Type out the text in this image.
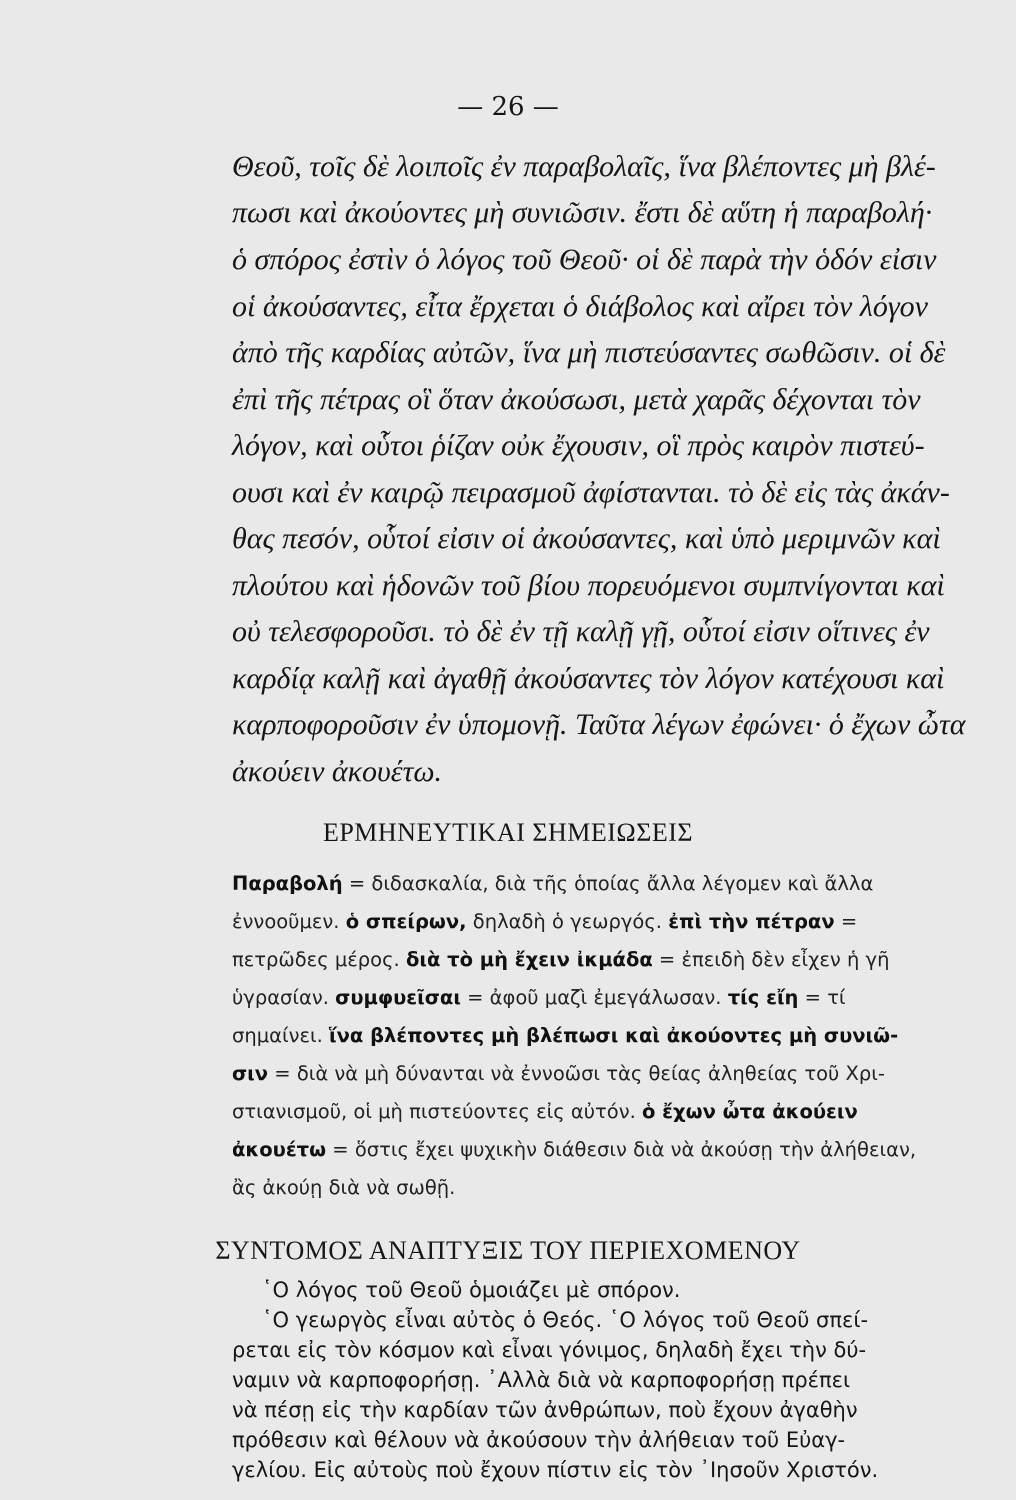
— 26 —

Θεοῦ, τοῖς δὲ λοιποῖς ἐν παραβολαῖς, ἵνα βλέποντες μὴ βλέ-

πωσι καὶ ἀκούοντες μὴ συνιῶσιν. ἔστι δὲ αὕτη ἡ παραβολή·

ὁ σπόρος ἐστὶν ὁ λόγος τοῦ Θεοῦ· οἱ δὲ παρὰ τὴν ὁδόν εἰσιν

οἱ ἀκούσαντες, εἶτα ἔρχεται ὁ διάβολος καὶ αἴρει τὸν λόγον

ἀπὸ τῆς καρδίας αὐτῶν, ἵνα μὴ πιστεύσαντες σωθῶσιν. οἱ δὲ

ἐπὶ τῆς πέτρας οἳ ὅταν ἀκούσωσι, μετὰ χαρᾶς δέχονται τὸν

λόγον, καὶ οὗτοι ῥίζαν οὐκ ἔχουσιν, οἳ πρὸς καιρὸν πιστεύ-

ουσι καὶ ἐν καιρῷ πειρασμοῦ ἀφίστανται. τὸ δὲ εἰς τὰς ἀκάν-

θας πεσόν, οὗτοί εἰσιν οἱ ἀκούσαντες, καὶ ὑπὸ μεριμνῶν καὶ

πλούτου καὶ ἡδονῶν τοῦ βίου πορευόμενοι συμπνίγονται καὶ

οὐ τελεσφοροῦσι. τὸ δὲ ἐν τῇ καλῇ γῇ, οὗτοί εἰσιν οἵτινες ἐν

καρδίᾳ καλῇ καὶ ἀγαθῇ ἀκούσαντες τὸν λόγον κατέχουσι καὶ

καρποφοροῦσιν ἐν ὑπομονῇ. Ταῦτα λέγων ἐφώνει· ὁ ἔχων ὦτα

ἀκούειν ἀκουέτω.

ΕΡΜΗΝΕΥΤΙΚΑΙ ΣΗΜΕΙΩΣΕΙΣ

Παραβολή = διδασκαλία, διὰ τῆς ὁποίας ἄλλα λέγομεν καὶ ἄλλα

ἐννοοῦμεν. ὁ σπείρων, δηλαδὴ ὁ γεωργός. ἐπὶ τὴν πέτραν =

πετρῶδες μέρος. διὰ τὸ μὴ ἔχειν ἰκμάδα = ἐπειδὴ δὲν εἶχεν ἡ γῆ

ὑγρασίαν. συμφυεῖσαι = ἀφοῦ μαζὶ ἐμεγάλωσαν. τίς εἴη = τί

σημαίνει. ἵνα βλέποντες μὴ βλέπωσι καὶ ἀκούοντες μὴ συνιῶ-

σιν = διὰ νὰ μὴ δύνανται νὰ ἐννοῶσι τὰς θείας ἀληθείας τοῦ Χρι-

στιανισμοῦ, οἱ μὴ πιστεύοντες εἰς αὐτόν. ὁ ἔχων ὦτα ἀκούειν

ἀκουέτω = ὅστις ἔχει ψυχικὴν διάθεσιν διὰ νὰ ἀκούσῃ τὴν ἀλήθειαν,

ἂς ἀκούῃ διὰ νὰ σωθῇ.

ΣΥΝΤΟΜΟΣ ΑΝΑΠΤΥΞΙΣ ΤΟΥ ΠΕΡΙΕΧΟΜΕΝΟΥ

῾Ο λόγος τοῦ Θεοῦ ὁμοιάζει μὲ σπόρον.

῾Ο γεωργὸς εἶναι αὐτὸς ὁ Θεός. ῾Ο λόγος τοῦ Θεοῦ σπεί-

ρεται εἰς τὸν κόσμον καὶ εἶναι γόνιμος, δηλαδὴ ἔχει τὴν δύ-

ναμιν νὰ καρποφορήσῃ. ᾿Αλλὰ διὰ νὰ καρποφορήσῃ πρέπει

νὰ πέσῃ εἰς τὴν καρδίαν τῶν ἀνθρώπων, ποὺ ἔχουν ἀγαθὴν

πρόθεσιν καὶ θέλουν νὰ ἀκούσουν τὴν ἀλήθειαν τοῦ Εὐαγ-

γελίου. Εἰς αὐτοὺς ποὺ ἔχουν πίστιν εἰς τὸν ᾿Ιησοῦν Χριστόν.
